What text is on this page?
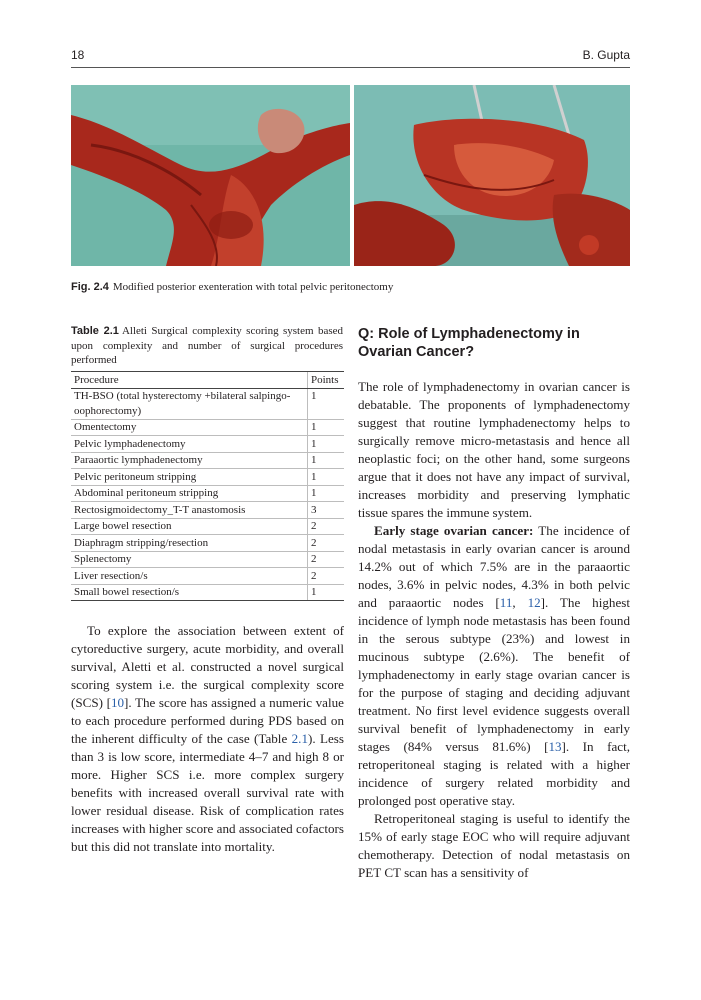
18	B. Gupta
Fig. 2.4 Modified posterior exenteration with total pelvic peritonectomy
Table 2.1 Alleti Surgical complexity scoring system based upon complexity and number of surgical procedures performed
Procedure	Points
TH-BSO (total hysterectomy +bilateral salpingo-oophorectomy)	1
Omentectomy	1
Pelvic lymphadenectomy	1
Paraaortic lymphadenectomy	1
Pelvic peritoneum stripping	1
Abdominal peritoneum stripping	1
Rectosigmoidectomy_T-T anastomosis	3
Large bowel resection	2
Diaphragm stripping/resection	2
Splenectomy	2
Liver resection/s	2
Small bowel resection/s	1

To explore the association between extent of cytoreductive surgery, acute morbidity, and overall survival, Aletti et al. constructed a novel surgical scoring system i.e. the surgical complexity score (SCS) [10]. The score has assigned a numeric value to each procedure performed during PDS based on the inherent difficulty of the case (Table 2.1). Less than 3 is low score, intermediate 4–7 and high 8 or more. Higher SCS i.e. more complex surgery benefits with increased overall survival rate with lower residual disease. Risk of complication rates increases with higher score and associated cofactors but this did not translate into mortality.

Q: Role of Lymphadenectomy in Ovarian Cancer?

The role of lymphadenectomy in ovarian cancer is debatable. The proponents of lymphadenectomy suggest that routine lymphadenectomy helps to surgically remove micro-metastasis and hence all neoplastic foci; on the other hand, some surgeons argue that it does not have any impact of survival, increases morbidity and preserving lymphatic tissue spares the immune system.

Early stage ovarian cancer: The incidence of nodal metastasis in early ovarian cancer is around 14.2% out of which 7.5% are in the paraaortic nodes, 3.6% in pelvic nodes, 4.3% in both pelvic and paraaortic nodes [11, 12]. The highest incidence of lymph node metastasis has been found in the serous subtype (23%) and lowest in mucinous subtype (2.6%). The benefit of lymphadenectomy in early stage ovarian cancer is for the purpose of staging and deciding adjuvant treatment. No first level evidence suggests overall survival benefit of lymphadenectomy in early stages (84% versus 81.6%) [13]. In fact, retroperitoneal staging is related with a higher incidence of surgery related morbidity and prolonged post operative stay.

Retroperitoneal staging is useful to identify the 15% of early stage EOC who will require adjuvant chemotherapy. Detection of nodal metastasis on PET CT scan has a sensitivity of
